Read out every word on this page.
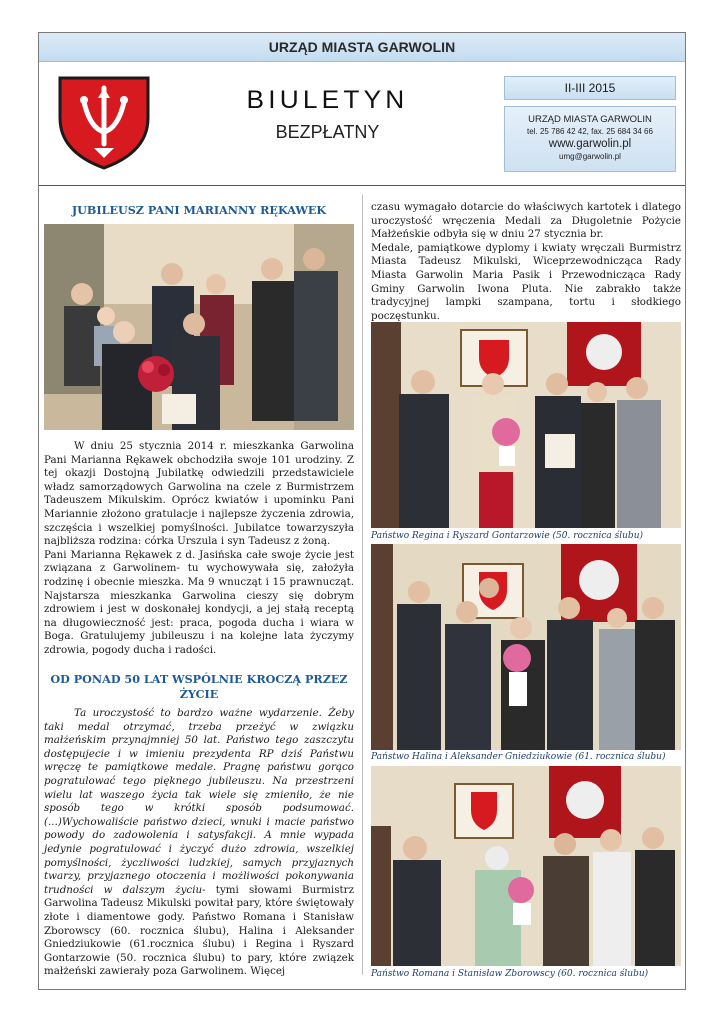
URZĄD MIASTA GARWOLIN
BIULETYN
BEZPŁATNY
II-III 2015
URZĄD MIASTA GARWOLIN
tel. 25 786 42 42, fax. 25 684 34 66
www.garwolin.pl
umg@garwolin.pl
JUBILEUSZ PANI MARIANNY RĘKAWEK

W dniu 25 stycznia 2014 r. mieszkanka Garwolina Pani Marianna Rękawek obchodziła swoje 101 urodziny. Z tej okazji Dostojną Jubilatkę odwiedzili przedstawiciele władz samorządowych Garwolina na czele z Burmistrzem Tadeuszem Mikulskim. Oprócz kwiatów i upominku Pani Mariannie złożono gratulacje i najlepsze życzenia zdrowia, szczęścia i wszelkiej pomyślności. Jubilatce towarzyszyła najbliższa rodzina: córka Urszula i syn Tadeusz z żoną.

Pani Marianna Rękawek z d. Jasińska całe swoje życie jest związana z Garwolinem- tu wychowywała się, założyła rodzinę i obecnie mieszka. Ma 9 wnucząt i 15 prawnucząt. Najstarsza mieszkanka Garwolina cieszy się dobrym zdrowiem i jest w doskonałej kondycji, a jej stałą receptą na długowieczność jest: praca, pogoda ducha i wiara w Boga. Gratulujemy jubileuszu i na kolejne lata życzymy zdrowia, pogody ducha i radości.

OD PONAD 50 LAT WSPÓLNIE KROCZĄ PRZEZ ŻYCIE

Ta uroczystość to bardzo ważne wydarzenie. Żeby taki medal otrzymać, trzeba przeżyć w związku małżeńskim przynajmniej 50 lat. Państwo tego zaszczytu dostępujecie i w imieniu prezydenta RP dziś Państwu wręczę te pamiątkowe medale. Pragnę państwu gorąco pogratulować tego pięknego jubileuszu. Na przestrzeni wielu lat waszego życia tak wiele się zmieniło, że nie sposób tego w krótki sposób podsumować. (...)Wychowaliście państwo dzieci, wnuki i macie państwo powody do zadowolenia i satysfakcji. A mnie wypada jedynie pogratulować i życzyć dużo zdrowia, wszelkiej pomyślności, życzliwości ludzkiej, samych przyjaznych twarzy, przyjaznego otoczenia i możliwości pokonywania trudności w dalszym życiu- tymi słowami Burmistrz Garwolina Tadeusz Mikulski powitał pary, które świętowały złote i diamentowe gody. Państwo Romana i Stanisław Zborowscy (60. rocznica ślubu), Halina i Aleksander Gniedziukowie (61.rocznica ślubu) i Regina i Ryszard Gontarzowie (50. rocznica ślubu) to pary, które związek małżeński zawierały poza Garwolinem. Więcej

czasu wymagało dotarcie do właściwych kartotek i dlatego uroczystość wręczenia Medali za Długoletnie Pożycie Małżeńskie odbyła się w dniu 27 stycznia br.

Medale, pamiątkowe dyplomy i kwiaty wręczali Burmistrz Miasta Tadeusz Mikulski, Wiceprzewodnicząca Rady Miasta Garwolin Maria Pasik i Przewodnicząca Rady Gminy Garwolin Iwona Pluta. Nie zabrakło także tradycyjnej lampki szampana, tortu i słodkiego poczęstunku.

Państwo Regina i Ryszard Gontarzowie (50. rocznica ślubu)
Państwo Halina i Aleksander Gniedziukowie (61. rocznica ślubu)
Państwo Romana i Stanisław Zborowscy (60. rocznica ślubu)
